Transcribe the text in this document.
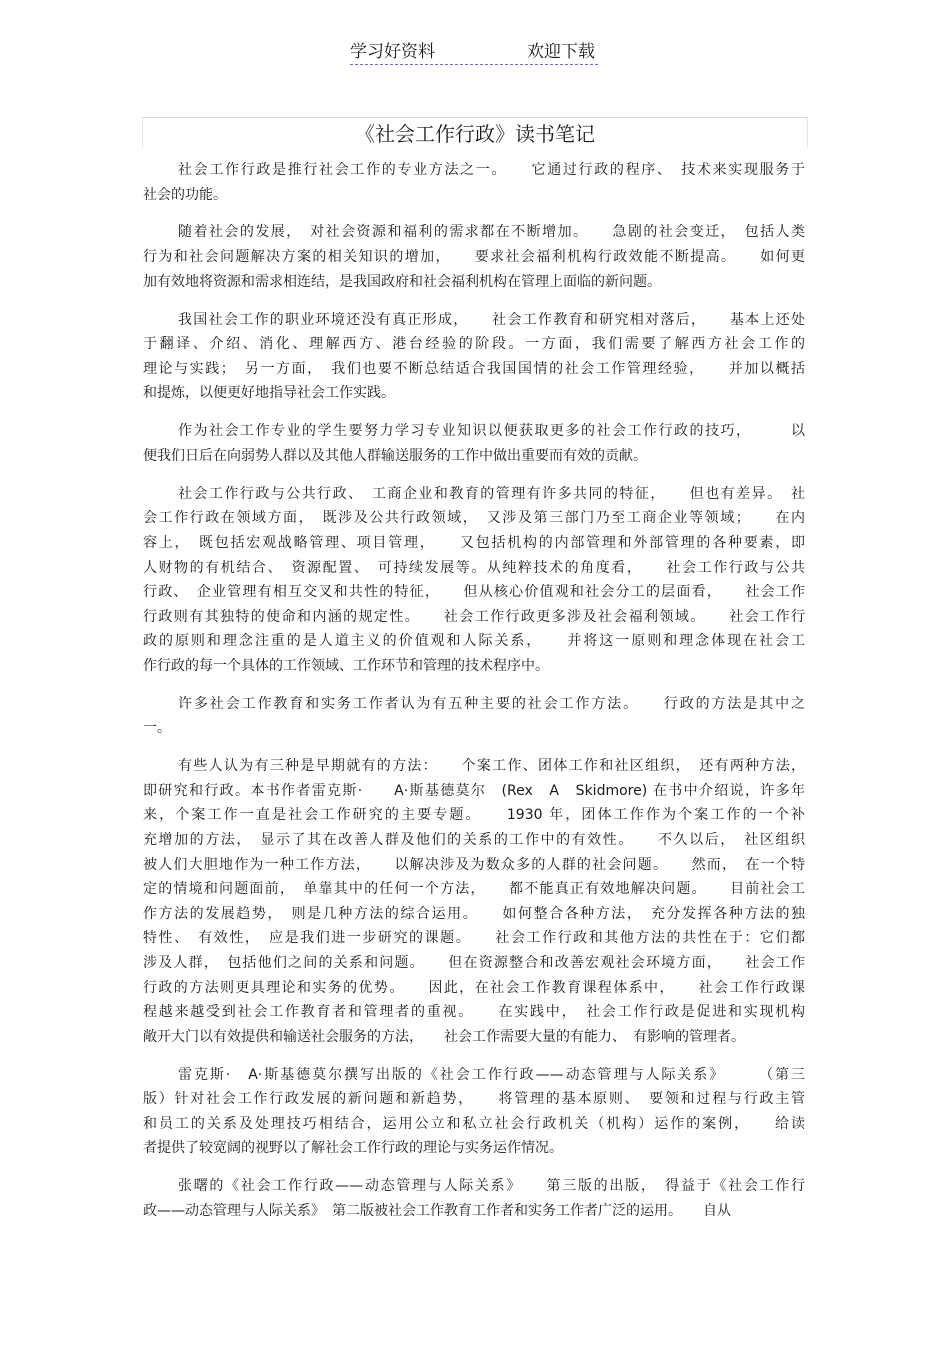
学习好资料	欢迎下载
《社会工作行政》读书笔记
社会工作行政是推行社会工作的专业方法之一。　　它通过行政的程序、　技术来实现服务于
社会的功能。
随着社会的发展，　对社会资源和福利的需求都在不断增加。　　急剧的社会变迁，　包括人类
行为和社会问题解决方案的相关知识的增加，　　要求社会福利机构行政效能不断提高。　　如何更
加有效地将资源和需求相连结，是我国政府和社会福利机构在管理上面临的新问题。
我国社会工作的职业环境还没有真正形成，　　社会工作教育和研究相对落后，　　基本上还处
于翻译、介绍、消化、理解西方、港台经验的阶段。一方面，我们需要了解西方社会工作的
理论与实践；　另一方面，　我们也要不断总结适合我国国情的社会工作管理经验，　　并加以概括
和提炼，以便更好地指导社会工作实践。
作为社会工作专业的学生要努力学习专业知识以便获取更多的社会工作行政的技巧，　　　以
便我们日后在向弱势人群以及其他人群输送服务的工作中做出重要而有效的贡献。
社会工作行政与公共行政、　工商企业和教育的管理有许多共同的特征，　　但也有差异。　社
会工作行政在领域方面，　既涉及公共行政领域，　又涉及第三部门乃至工商企业等领域；　　在内
容上，　既包括宏观战略管理、项目管理，　　又包括机构的内部管理和外部管理的各种要素，即
人财物的有机结合、　资源配置、　可持续发展等。从纯粹技术的角度看，　　社会工作行政与公共
行政、　企业管理有相互交叉和共性的特征，　　但从核心价值观和社会分工的层面看，　　社会工作
行政则有其独特的使命和内涵的规定性。　　社会工作行政更多涉及社会福利领域。　　社会工作行
政的原则和理念注重的是人道主义的价值观和人际关系，　　并将这一原则和理念体现在社会工
作行政的每一个具体的工作领域、工作环节和管理的技术程序中。
许多社会工作教育和实务工作者认为有五种主要的社会工作方法。　　行政的方法是其中之
一。
有些人认为有三种是早期就有的方法：　　个案工作、团体工作和社区组织，　还有两种方法，
即研究和行政。本书作者雷克斯·　　A·斯基德莫尔　(Rex　A　Skidmore) 在书中介绍说，许多年
来，个案工作一直是社会工作研究的主要专题。　　1930 年，团体工作作为个案工作的一个补
充增加的方法，　显示了其在改善人群及他们的关系的工作中的有效性。　　不久以后，　社区组织
被人们大胆地作为一种工作方法，　　以解决涉及为数众多的人群的社会问题。　　然而，　在一个特
定的情境和问题面前，　单靠其中的任何一个方法，　　都不能真正有效地解决问题。　　目前社会工
作方法的发展趋势，　则是几种方法的综合运用。　　如何整合各种方法，　充分发挥各种方法的独
特性、　有效性，　应是我们进一步研究的课题。　　社会工作行政和其他方法的共性在于：它们都
涉及人群，　包括他们之间的关系和问题。　　但在资源整合和改善宏观社会环境方面，　　社会工作
行政的方法则更具理论和实务的优势。　　因此，在社会工作教育课程体系中，　　社会工作行政课
程越来越受到社会工作教育者和管理者的重视。　　在实践中，　社会工作行政是促进和实现机构
敞开大门以有效提供和输送社会服务的方法，　　社会工作需要大量的有能力、　有影响的管理者。
雷克斯·　A·斯基德莫尔撰写出版的《社会工作行政——动态管理与人际关系》　　　（第三
版）针对社会工作行政发展的新问题和新趋势，　　将管理的基本原则、　要领和过程与行政主管
和员工的关系及处理技巧相结合，运用公立和私立社会行政机关（机构）运作的案例，　　给读
者提供了较宽阔的视野以了解社会工作行政的理论与实务运作情况。
张曙的《社会工作行政——动态管理与人际关系》　　第三版的出版，　得益于《社会工作行
政——动态管理与人际关系》　第二版被社会工作教育工作者和实务工作者广泛的运用。　　自从
